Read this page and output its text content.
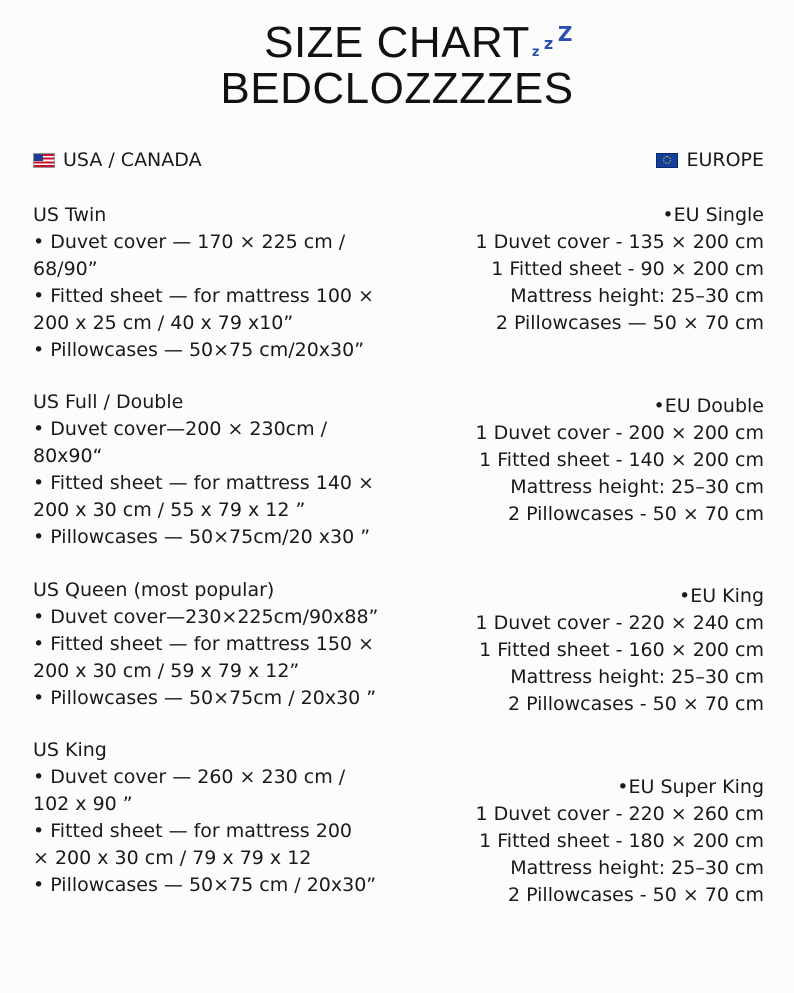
SIZE CHART z z Z
BEDCLOZZZZES
USA / CANADA	EUROPE
US Twin
• Duvet cover — 170 × 225 cm /
68/90”
• Fitted sheet — for mattress 100 ×
200 x 25 cm / 40 x 79 x10”
• Pillowcases — 50×75 cm/20x30”
US Full / Double
• Duvet cover—200 × 230cm /
80x90“
• Fitted sheet — for mattress 140 ×
200 x 30 cm / 55 x 79 x 12 ”
• Pillowcases — 50×75cm/20 x30 ”
US Queen (most popular)
• Duvet cover—230×225cm/90x88”
• Fitted sheet — for mattress 150 ×
200 x 30 cm / 59 x 79 x 12”
• Pillowcases — 50×75cm / 20x30 ”
US King
• Duvet cover — 260 × 230 cm /
102 x 90 ”
• Fitted sheet — for mattress 200
× 200 x 30 cm / 79 x 79 x 12
• Pillowcases — 50×75 cm / 20x30”
•EU Single
1 Duvet cover - 135 × 200 cm
1 Fitted sheet - 90 × 200 cm
Mattress height: 25–30 cm
2 Pillowcases — 50 × 70 cm
•EU Double
1 Duvet cover - 200 × 200 cm
1 Fitted sheet - 140 × 200 cm
Mattress height: 25–30 cm
2 Pillowcases - 50 × 70 cm
•EU King
1 Duvet cover - 220 × 240 cm
1 Fitted sheet - 160 × 200 cm
Mattress height: 25–30 cm
2 Pillowcases - 50 × 70 cm
•EU Super King
1 Duvet cover - 220 × 260 cm
1 Fitted sheet - 180 × 200 cm
Mattress height: 25–30 cm
2 Pillowcases - 50 × 70 cm
